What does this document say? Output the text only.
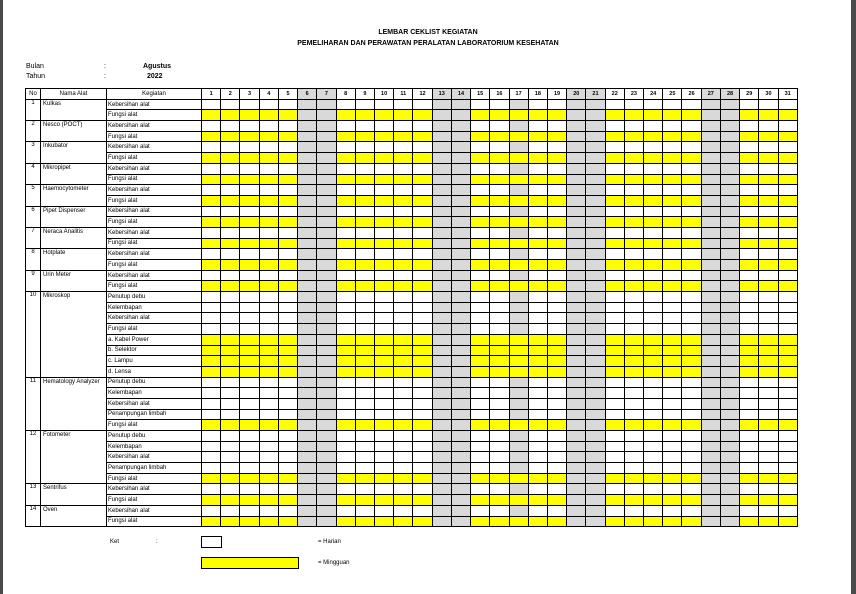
LEMBAR CEKLIST KEGIATAN
PEMELIHARAN DAN PERAWATAN PERALATAN LABORATORIUM KESEHATAN
Bulan	:	Agustus
Tahun	:	2022
No	Nama Alat	Kegiatan	1	2	3	4	5	6	7	8	9	10	11	12	13	14	15	16	17	18	19	20	21	22	23	24	25	26	27	28	29	30	31
1	Kulkas	Kebersihan alat																															
		Fungsi alat																															
2	Nesco (POCT)	Kebersihan alat																															
		Fungsi alat																															
3	Inkubator	Kebersihan alat																															
		Fungsi alat																															
4	Mikropipet	Kebersihan alat																															
		Fungsi alat																															
5	Haemocytometer	Kebersihan alat																															
		Fungsi alat																															
6	Pipet Dispenser	Kebersihan alat																															
		Fungsi alat																															
7	Neraca Analitis	Kebersihan alat																															
		Fungsi alat																															
8	Hotplate	Kebersihan alat																															
		Fungsi alat																															
9	Urin Meter	Kebersihan alat																															
		Fungsi alat																															
10	Mikroskop	Penutup debu																															
		Kelembapan																															
		Kebersihan alat																															
		Fungsi alat																															
		a. Kabel Power																															
		b. Selektor																															
		c. Lampu																															
		d. Lensa																															
11	Hematology Analyzer	Penutup debu																															
		Kelembapan																															
		Kebersihan alat																															
		Penampungan limbah																															
		Fungsi alat																															
12	Fotometer	Penutup debu																															
		Kelembapan																															
		Kebersihan alat																															
		Penampungan limbah																															
		Fungsi alat																															
13	Sentrifus	Kebersihan alat																															
		Fungsi alat																															
14	Oven	Kebersihan alat																															
		Fungsi alat																															
Ket	:	= Harian
= Mingguan
